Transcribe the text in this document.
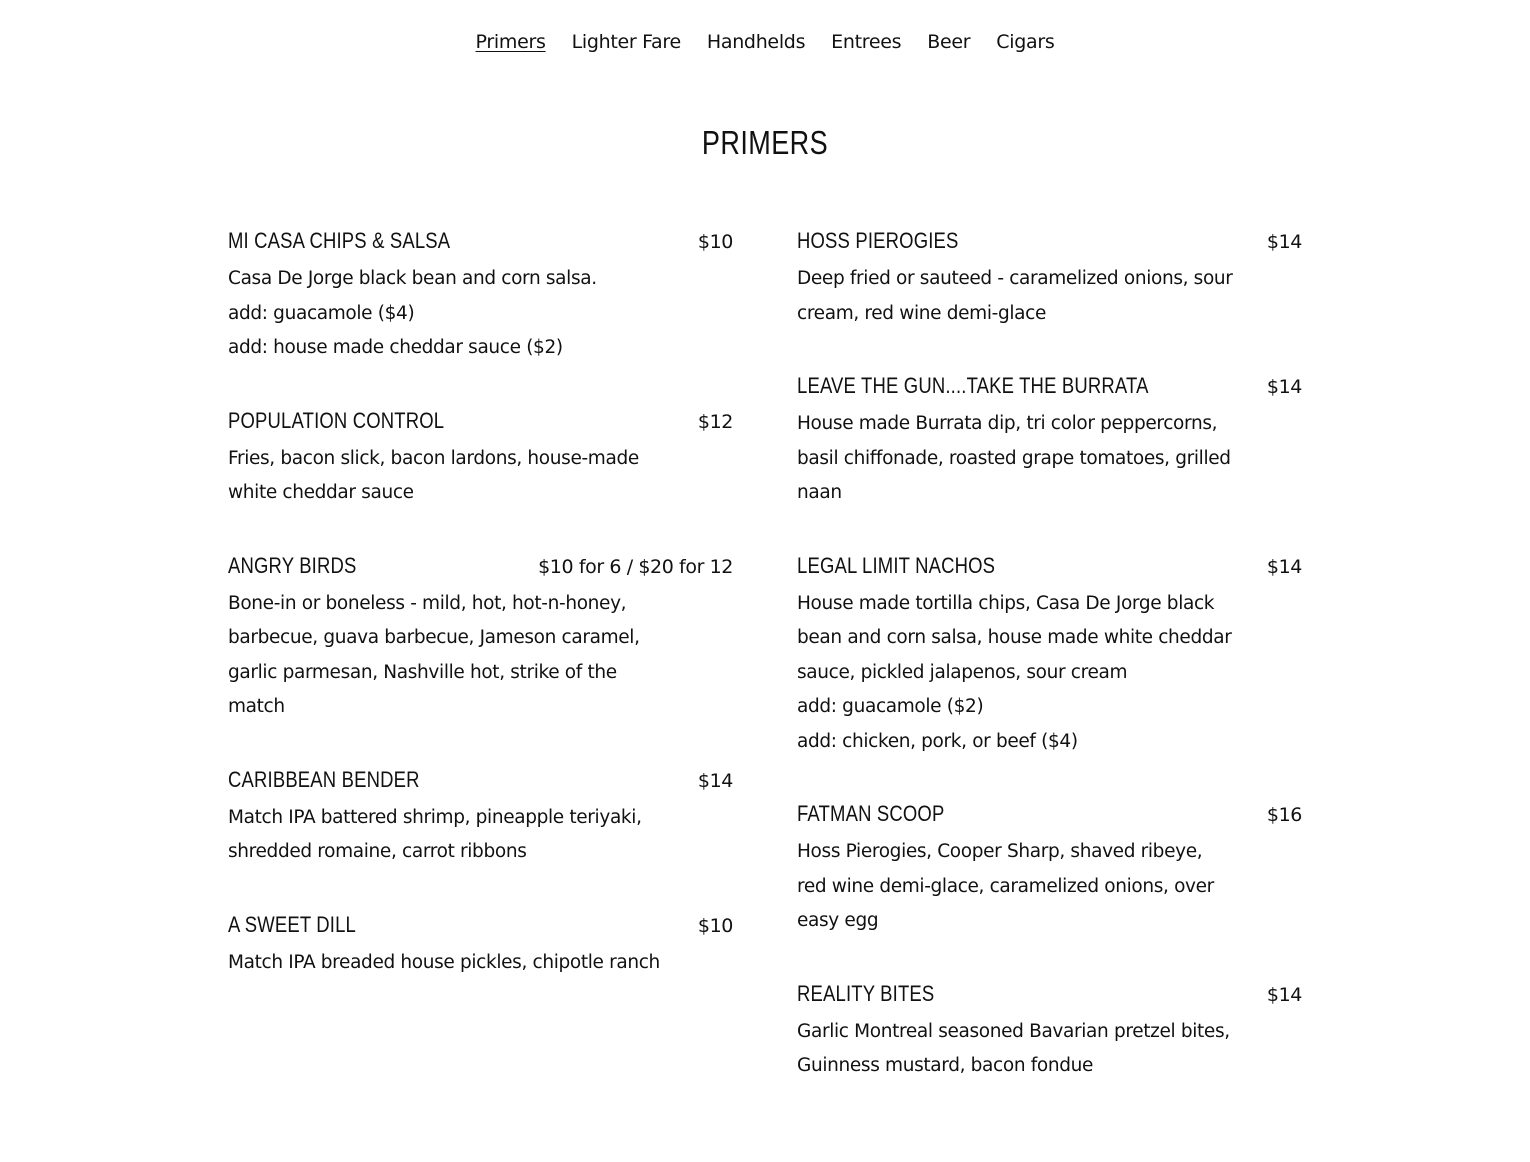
Primers Lighter Fare Handhelds Entrees Beer Cigars
PRIMERS
MI CASA CHIPS & SALSA	$10
Casa De Jorge black bean and corn salsa.
add: guacamole ($4)
add: house made cheddar sauce ($2)
POPULATION CONTROL	$12
Fries, bacon slick, bacon lardons, house-made white cheddar sauce
ANGRY BIRDS	$10 for 6 / $20 for 12
Bone-in or boneless - mild, hot, hot-n-honey, barbecue, guava barbecue, Jameson caramel, garlic parmesan, Nashville hot, strike of the match
CARIBBEAN BENDER	$14
Match IPA battered shrimp, pineapple teriyaki, shredded romaine, carrot ribbons
A SWEET DILL	$10
Match IPA breaded house pickles, chipotle ranch
HOSS PIEROGIES	$14
Deep fried or sauteed - caramelized onions, sour cream, red wine demi-glace
LEAVE THE GUN....TAKE THE BURRATA	$14
House made Burrata dip, tri color peppercorns, basil chiffonade, roasted grape tomatoes, grilled naan
LEGAL LIMIT NACHOS	$14
House made tortilla chips, Casa De Jorge black bean and corn salsa, house made white cheddar sauce, pickled jalapenos, sour cream
add: guacamole ($2)
add: chicken, pork, or beef ($4)
FATMAN SCOOP	$16
Hoss Pierogies, Cooper Sharp, shaved ribeye, red wine demi-glace, caramelized onions, over easy egg
REALITY BITES	$14
Garlic Montreal seasoned Bavarian pretzel bites, Guinness mustard, bacon fondue
